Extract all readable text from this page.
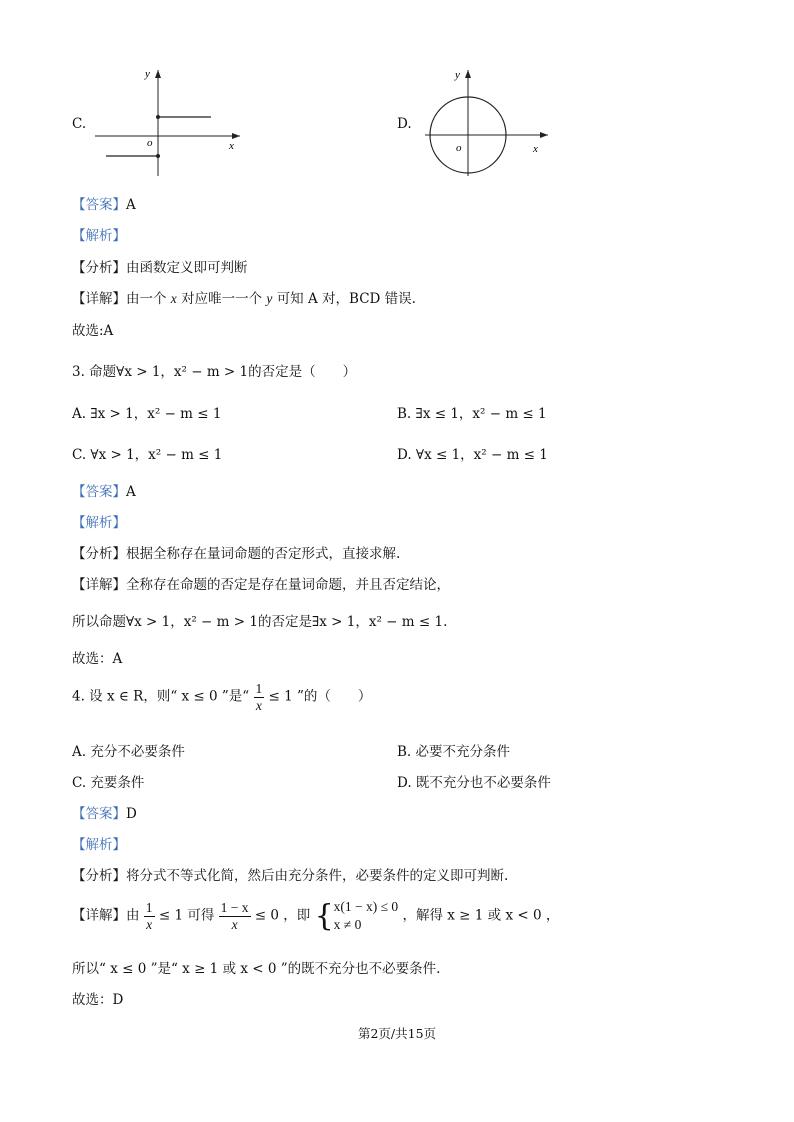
C.
y
o	x
D.
y
o	x
【答案】A
【解析】
【分析】由函数定义即可判断
【详解】由一个 x 对应唯一一个 y 可知 A 对，BCD 错误.
故选:A
3. 命题∀x > 1，x² − m > 1的否定是（　　）
A. ∃x > 1，x² − m ≤ 1	B. ∃x ≤ 1，x² − m ≤ 1
C. ∀x > 1，x² − m ≤ 1	D. ∀x ≤ 1，x² − m ≤ 1
【答案】A
【解析】
【分析】根据全称存在量词命题的否定形式，直接求解.
【详解】全称存在命题的否定是存在量词命题，并且否定结论，
所以命题∀x > 1，x² − m > 1的否定是∃x > 1，x² − m ≤ 1.
故选：A
4. 设 x ∈ R，则“ x ≤ 0 ”是“ $\frac{1}{x} \le 1$ ”的（　　）
A. 充分不必要条件	B. 必要不充分条件
C. 充要条件	D. 既不充分也不必要条件
【答案】D
【解析】
【分析】将分式不等式化简，然后由充分条件，必要条件的定义即可判断.
【详解】由 $\frac{1}{x} \le 1$ 可得 $\frac{1 - x}{x} \le 0$ ，即 { x(1 − x) ≤ 0
x ≠ 0
，解得 x ≥ 1 或 x < 0 ，
所以“ x ≤ 0 ”是“ x ≥ 1 或 x < 0 ”的既不充分也不必要条件.
故选：D
第2页/共15页
